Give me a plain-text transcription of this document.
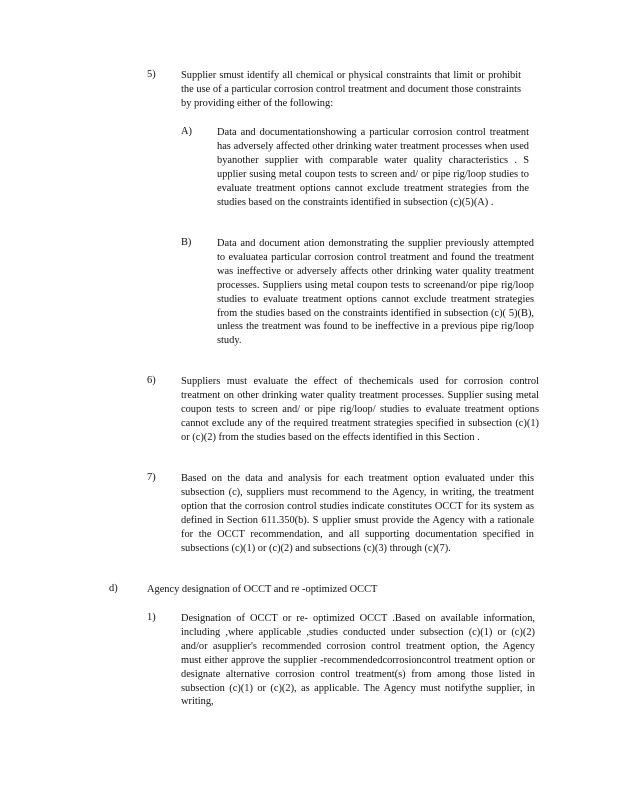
5) Supplier smust identify all chemical or physical constraints that limit or prohibit the use of a particular corrosion control treatment and document those constraints by providing either of the following:
A) Data and documentationshowing a particular corrosion control treatment has adversely affected other drinking water treatment processes when used byanother supplier with comparable water quality characteristics . S upplier susing metal coupon tests to screen and/ or pipe rig/loop studies to evaluate treatment options cannot exclude treatment strategies from the studies based on the constraints identified in subsection (c)(5)(A) .
B) Data and document ation demonstrating the supplier previously attempted to evaluatea particular corrosion control treatment and found the treatment was ineffective or adversely affects other drinking water quality treatment processes. Suppliers using metal coupon tests to screenand/or pipe rig/loop studies to evaluate treatment options cannot exclude treatment strategies from the studies based on the constraints identified in subsection (c)( 5)(B), unless the treatment was found to be ineffective in a previous pipe rig/loop study.
6) Suppliers must evaluate the effect of thechemicals used for corrosion control treatment on other drinking water quality treatment processes. Supplier susing metal coupon tests to screen and/ or pipe rig/loop/ studies to evaluate treatment options cannot exclude any of the required treatment strategies specified in subsection (c)(1) or (c)(2) from the studies based on the effects identified in this Section .
7) Based on the data and analysis for each treatment option evaluated under this subsection (c), suppliers must recommend to the Agency, in writing, the treatment option that the corrosion control studies indicate constitutes OCCT for its system as defined in Section 611.350(b). S upplier smust provide the Agency with a rationale for the OCCT recommendation, and all supporting documentation specified in subsections (c)(1) or (c)(2) and subsections (c)(3) through (c)(7).
d)	Agency designation of OCCT and re -optimized OCCT
1) Designation of OCCT or re- optimized OCCT .Based on available information, including ,where applicable ,studies conducted under subsection (c)(1) or (c)(2) and/or asupplier's recommended corrosion control treatment option, the Agency must either approve the supplier -recommendedcorrosioncontrol treatment option or designate alternative corrosion control treatment(s) from among those listed in subsection (c)(1) or (c)(2), as applicable. The Agency must notifythe supplier, in writing,
